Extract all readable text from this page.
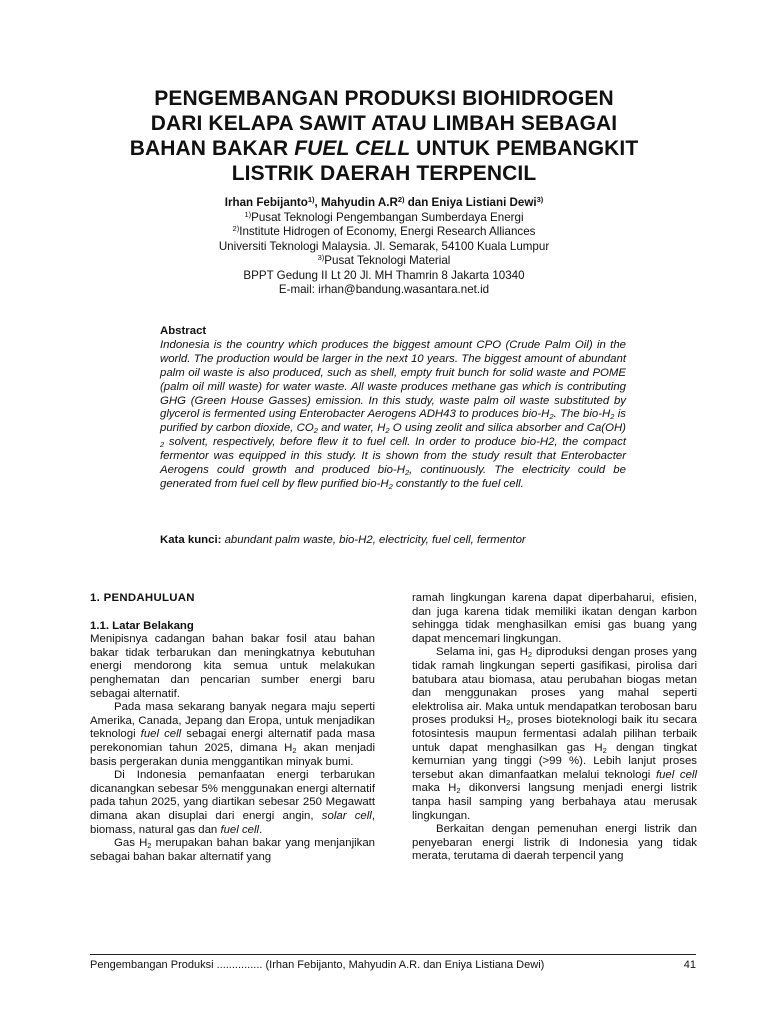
PENGEMBANGAN PRODUKSI BIOHIDROGEN
DARI KELAPA SAWIT ATAU LIMBAH SEBAGAI
BAHAN BAKAR FUEL CELL UNTUK PEMBANGKIT
LISTRIK DAERAH TERPENCIL
Irhan Febijanto$^{1)}$, Mahyudin $A.R^{2)}$ dan Eniya Listiani Dewi$^{3)}$
$^{1)}$Pusat Teknologi Pengembangan Sumberdaya Energi
$^{2)}$Institute Hidrogen of Economy, Energi Research Alliances
Universiti Teknologi Malaysia. Jl. Semarak, 54100 Kuala Lumpur
$^{3)}$Pusat Teknologi Material
BPPT Gedung II Lt 20 Jl. MH Thamrin 8 Jakarta 10340
E-mail: irhan@bandung.wasantara.net.id
Abstract
Indonesia is the country which produces the biggest amount CPO (Crude Palm Oil) in the world. The production would be larger in the next 10 years. The biggest amount of abundant palm oil waste is also produced, such as shell, empty fruit bunch for solid waste and POME (palm oil mill waste) for water waste. All waste produces methane gas which is contributing GHG (Green House Gasses) emission. In this study, waste palm oil waste substituted by glycerol is fermented using Enterobacter Aerogens ADH43 to produces bio-$H_2$. The bio-$H_2$ is purified by carbon dioxide, $CO_2$ and water, $H_2$ O using zeolit and silica absorber and Ca(OH) $_2$ solvent, respectively, before flew it to fuel cell. In order to produce bio-H2, the compact fermentor was equipped in this study. It is shown from the study result that Enterobacter Aerogens could growth and produced bio-$H_2$, continuously. The electricity could be generated from fuel cell by flew purified bio-$H_2$ constantly to the fuel cell.
Kata kunci: abundant palm waste, bio-H2, electricity, fuel cell, fermentor
1. PENDAHULUAN
1.1. Latar Belakang

Menipisnya cadangan bahan bakar fosil atau bahan bakar tidak terbarukan dan meningkatnya kebutuhan energi mendorong kita semua untuk melakukan penghematan dan pencarian sumber energi baru sebagai alternatif.

Pada masa sekarang banyak negara maju seperti Amerika, Canada, Jepang dan Eropa, untuk menjadikan teknologi fuel cell sebagai energi alternatif pada masa perekonomian tahun 2025, dimana $H_2$ akan menjadi basis pergerakan dunia menggantikan minyak bumi.

Di Indonesia pemanfaatan energi terbarukan dicanangkan sebesar 5% menggunakan energi alternatif pada tahun 2025, yang diartikan sebesar 250 Megawatt dimana akan disuplai dari energi angin, solar cell, biomass, natural gas dan fuel cell.

Gas $H_2$ merupakan bahan bakar yang menjanjikan sebagai bahan bakar alternatif yang

ramah lingkungan karena dapat diperbaharui, efisien, dan juga karena tidak memiliki ikatan dengan karbon sehingga tidak menghasilkan emisi gas buang yang dapat mencemari lingkungan.

Selama ini, gas $H_2$ diproduksi dengan proses yang tidak ramah lingkungan seperti gasifikasi, pirolisa dari batubara atau biomasa, atau perubahan biogas metan dan menggunakan proses yang mahal seperti elektrolisa air. Maka untuk mendapatkan terobosan baru proses produksi $H_2$, proses bioteknologi baik itu secara fotosintesis maupun fermentasi adalah pilihan terbaik untuk dapat menghasilkan gas $H_2$ dengan tingkat kemurnian yang tinggi (>99 %). Lebih lanjut proses tersebut akan dimanfaatkan melalui teknologi fuel cell maka $H_2$ dikonversi langsung menjadi energi listrik tanpa hasil samping yang berbahaya atau merusak lingkungan.

Berkaitan dengan pemenuhan energi listrik dan penyebaran energi listrik di Indonesia yang tidak merata, terutama di daerah terpencil yang

Pengembangan Produksi ............... (Irhan Febijanto, Mahyudin A.R. dan Eniya Listiana Dewi)	41
